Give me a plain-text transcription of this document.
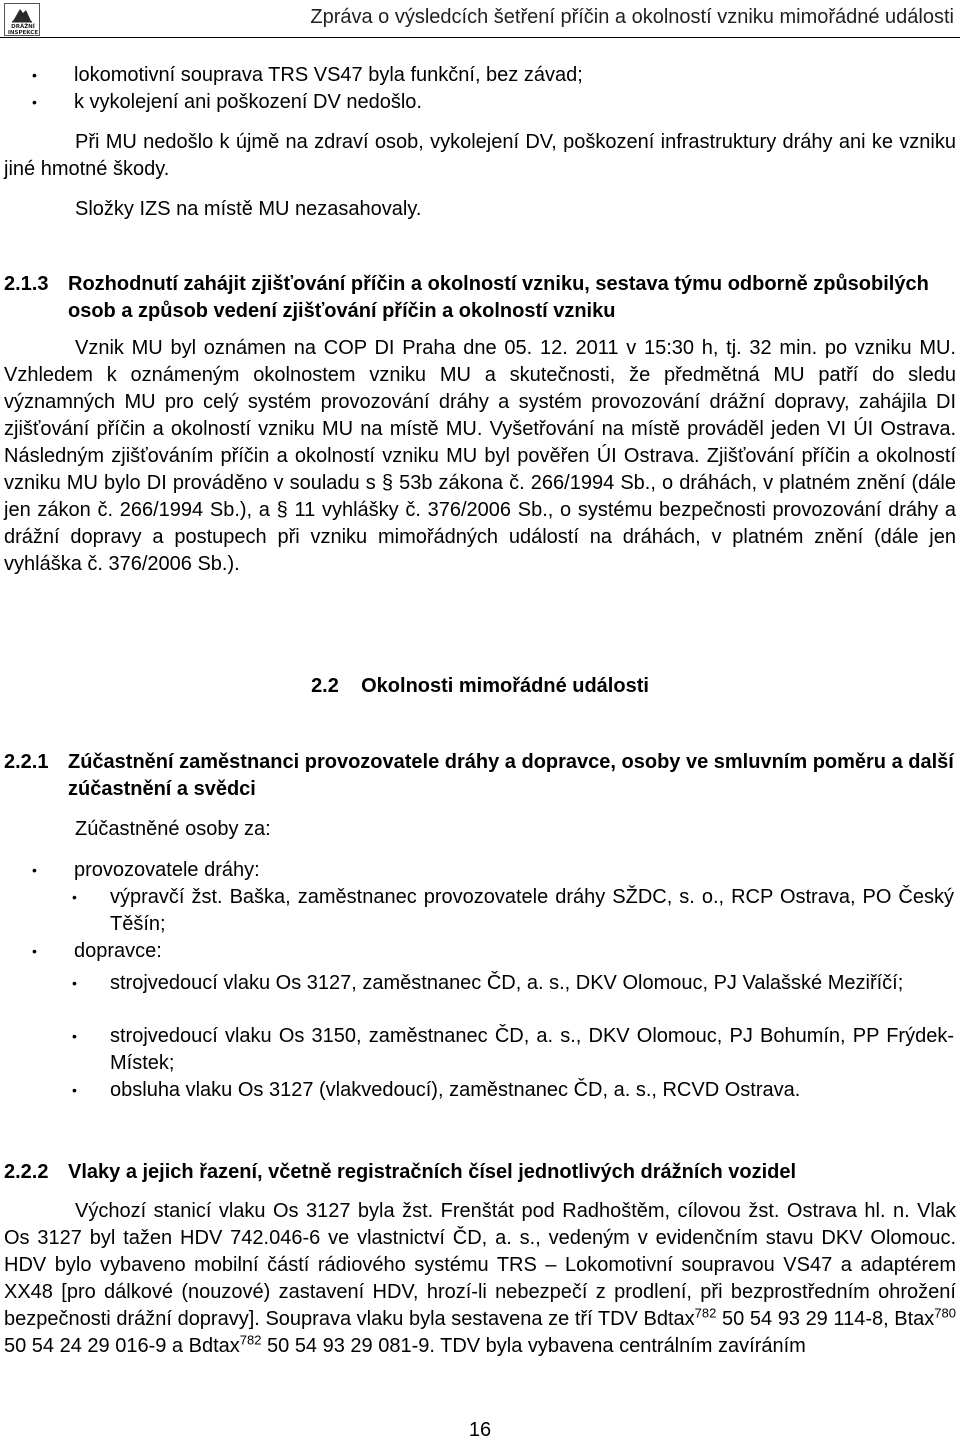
DRÁŽNÍ
INSPEKCE
Zpráva o výsledcích šetření příčin a okolností vzniku mimořádné události
• lokomotivní souprava TRS VS47 byla funkční, bez závad;
• k vykolejení ani poškození DV nedošlo.
Při MU nedošlo k újmě na zdraví osob, vykolejení DV, poškození infrastruktury dráhy ani ke vzniku jiné hmotné škody.
Složky IZS na místě MU nezasahovaly.
2.1.3 Rozhodnutí zahájit zjišťování příčin a okolností vzniku, sestava týmu odborně způsobilých osob a způsob vedení zjišťování příčin a okolností vzniku
Vznik MU byl oznámen na COP DI Praha dne 05. 12. 2011 v 15:30 h, tj. 32 min. po vzniku MU. Vzhledem k oznámeným okolnostem vzniku MU a skutečnosti, že předmětná MU patří do sledu významných MU pro celý systém provozování dráhy a systém provozování drážní dopravy, zahájila DI zjišťování příčin a okolností vzniku MU na místě MU. Vyšetřování na místě prováděl jeden VI ÚI Ostrava. Následným zjišťováním příčin a okolností vzniku MU byl pověřen ÚI Ostrava. Zjišťování příčin a okolností vzniku MU bylo DI prováděno v souladu s § 53b zákona č. 266/1994 Sb., o dráhách, v platném znění (dále jen zákon č. 266/1994 Sb.), a § 11 vyhlášky č. 376/2006 Sb., o systému bezpečnosti provozování dráhy a drážní dopravy a postupech při vzniku mimořádných událostí na dráhách, v platném znění (dále jen vyhláška č. 376/2006 Sb.).
2.2 Okolnosti mimořádné události
2.2.1 Zúčastnění zaměstnanci provozovatele dráhy a dopravce, osoby ve smluvním poměru a další zúčastnění a svědci
Zúčastněné osoby za:
• provozovatele dráhy:
• výpravčí žst. Baška, zaměstnanec provozovatele dráhy SŽDC, s. o., RCP Ostrava, PO Český Těšín;
• dopravce:
• strojvedoucí vlaku Os 3127, zaměstnanec ČD, a. s., DKV Olomouc, PJ Valašské Meziříčí;
• strojvedoucí vlaku Os 3150, zaměstnanec ČD, a. s., DKV Olomouc, PJ Bohumín, PP Frýdek-Místek;
• obsluha vlaku Os 3127 (vlakvedoucí), zaměstnanec ČD, a. s., RCVD Ostrava.
2.2.2 Vlaky a jejich řazení, včetně registračních čísel jednotlivých drážních vozidel
Výchozí stanicí vlaku Os 3127 byla žst. Frenštát pod Radhoštěm, cílovou žst. Ostrava hl. n. Vlak Os 3127 byl tažen HDV 742.046-6 ve vlastnictví ČD, a. s., vedeným v evidenčním stavu DKV Olomouc. HDV bylo vybaveno mobilní částí rádiového systému TRS – Lokomotivní soupravou VS47 a adaptérem XX48 [pro dálkové (nouzové) zastavení HDV, hrozí-li nebezpečí z prodlení, při bezprostředním ohrožení bezpečnosti drážní dopravy]. Souprava vlaku byla sestavena ze tří TDV Bdtax$^{782}$ 50 54 93 29 114-8, Btax$^{780}$ 50 54 24 29 016-9 a Bdtax$^{782}$ 50 54 93 29 081-9. TDV byla vybavena centrálním zavíráním
16
